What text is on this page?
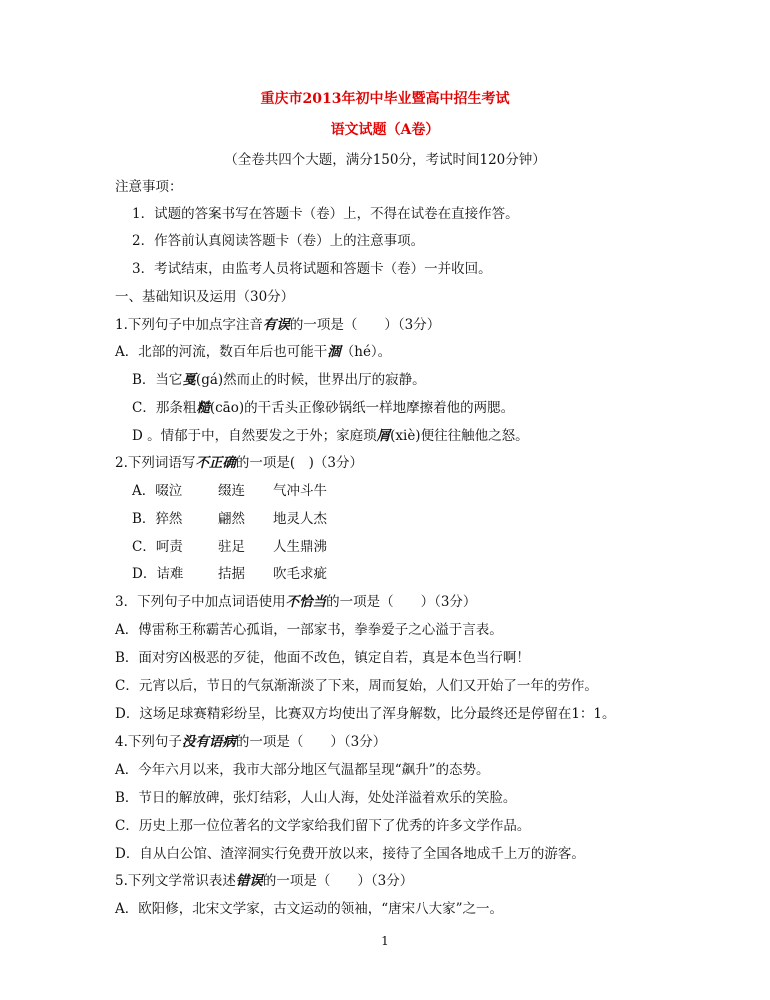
重庆市2013年初中毕业暨高中招生考试
语文试题（A卷）
（全卷共四个大题，满分150分，考试时间120分钟）
注意事项：
1．试题的答案书写在答题卡（卷）上，不得在试卷在直接作答。
2．作答前认真阅读答题卡（卷）上的注意事项。
3．考试结束，由监考人员将试题和答题卡（卷）一并收回。
一、基础知识及运用（30分）
1.下列句子中加点字注音有误的一项是（　　）（3分）
A．北部的河流，数百年后也可能干涸（hé）。
B．当它戛(gá)然而止的时候，世界出厅的寂静。
C．那条粗糙(cāo)的干舌头正像砂锅纸一样地摩擦着他的两腮。
D 。情郁于中，自然要发之于外；家庭琐屑(xiè)便往往触他之怒。
2.下列词语写不正确的一项是(　)（3分）
A．啜泣	缀连 气冲斗牛
B．猝然	翩然 地灵人杰
C．呵责	驻足 人生鼎沸
D．诘难	拮据 吹毛求疵
3．下列句子中加点词语使用不恰当的一项是（　　）（3分）
A．傅雷称王称霸苦心孤诣，一部家书，拳拳爱子之心溢于言表。
B．面对穷凶极恶的歹徒，他面不改色，镇定自若，真是本色当行啊！
C．元宵以后，节日的气氛渐渐淡了下来，周而复始，人们又开始了一年的劳作。
D．这场足球赛精彩纷呈，比赛双方均使出了浑身解数，比分最终还是停留在1：1。
4.下列句子没有语病的一项是（　　）（3分）
A．今年六月以来，我市大部分地区气温都呈现“飙升”的态势。
B．节日的解放碑，张灯结彩，人山人海，处处洋溢着欢乐的笑脸。
C．历史上那一位位著名的文学家给我们留下了优秀的许多文学作品。
D．自从白公馆、渣滓洞实行免费开放以来，接待了全国各地成千上万的游客。
5.下列文学常识表述错误的一项是（　　）（3分）
A．欧阳修，北宋文学家，古文运动的领袖，“唐宋八大家”之一。
1
